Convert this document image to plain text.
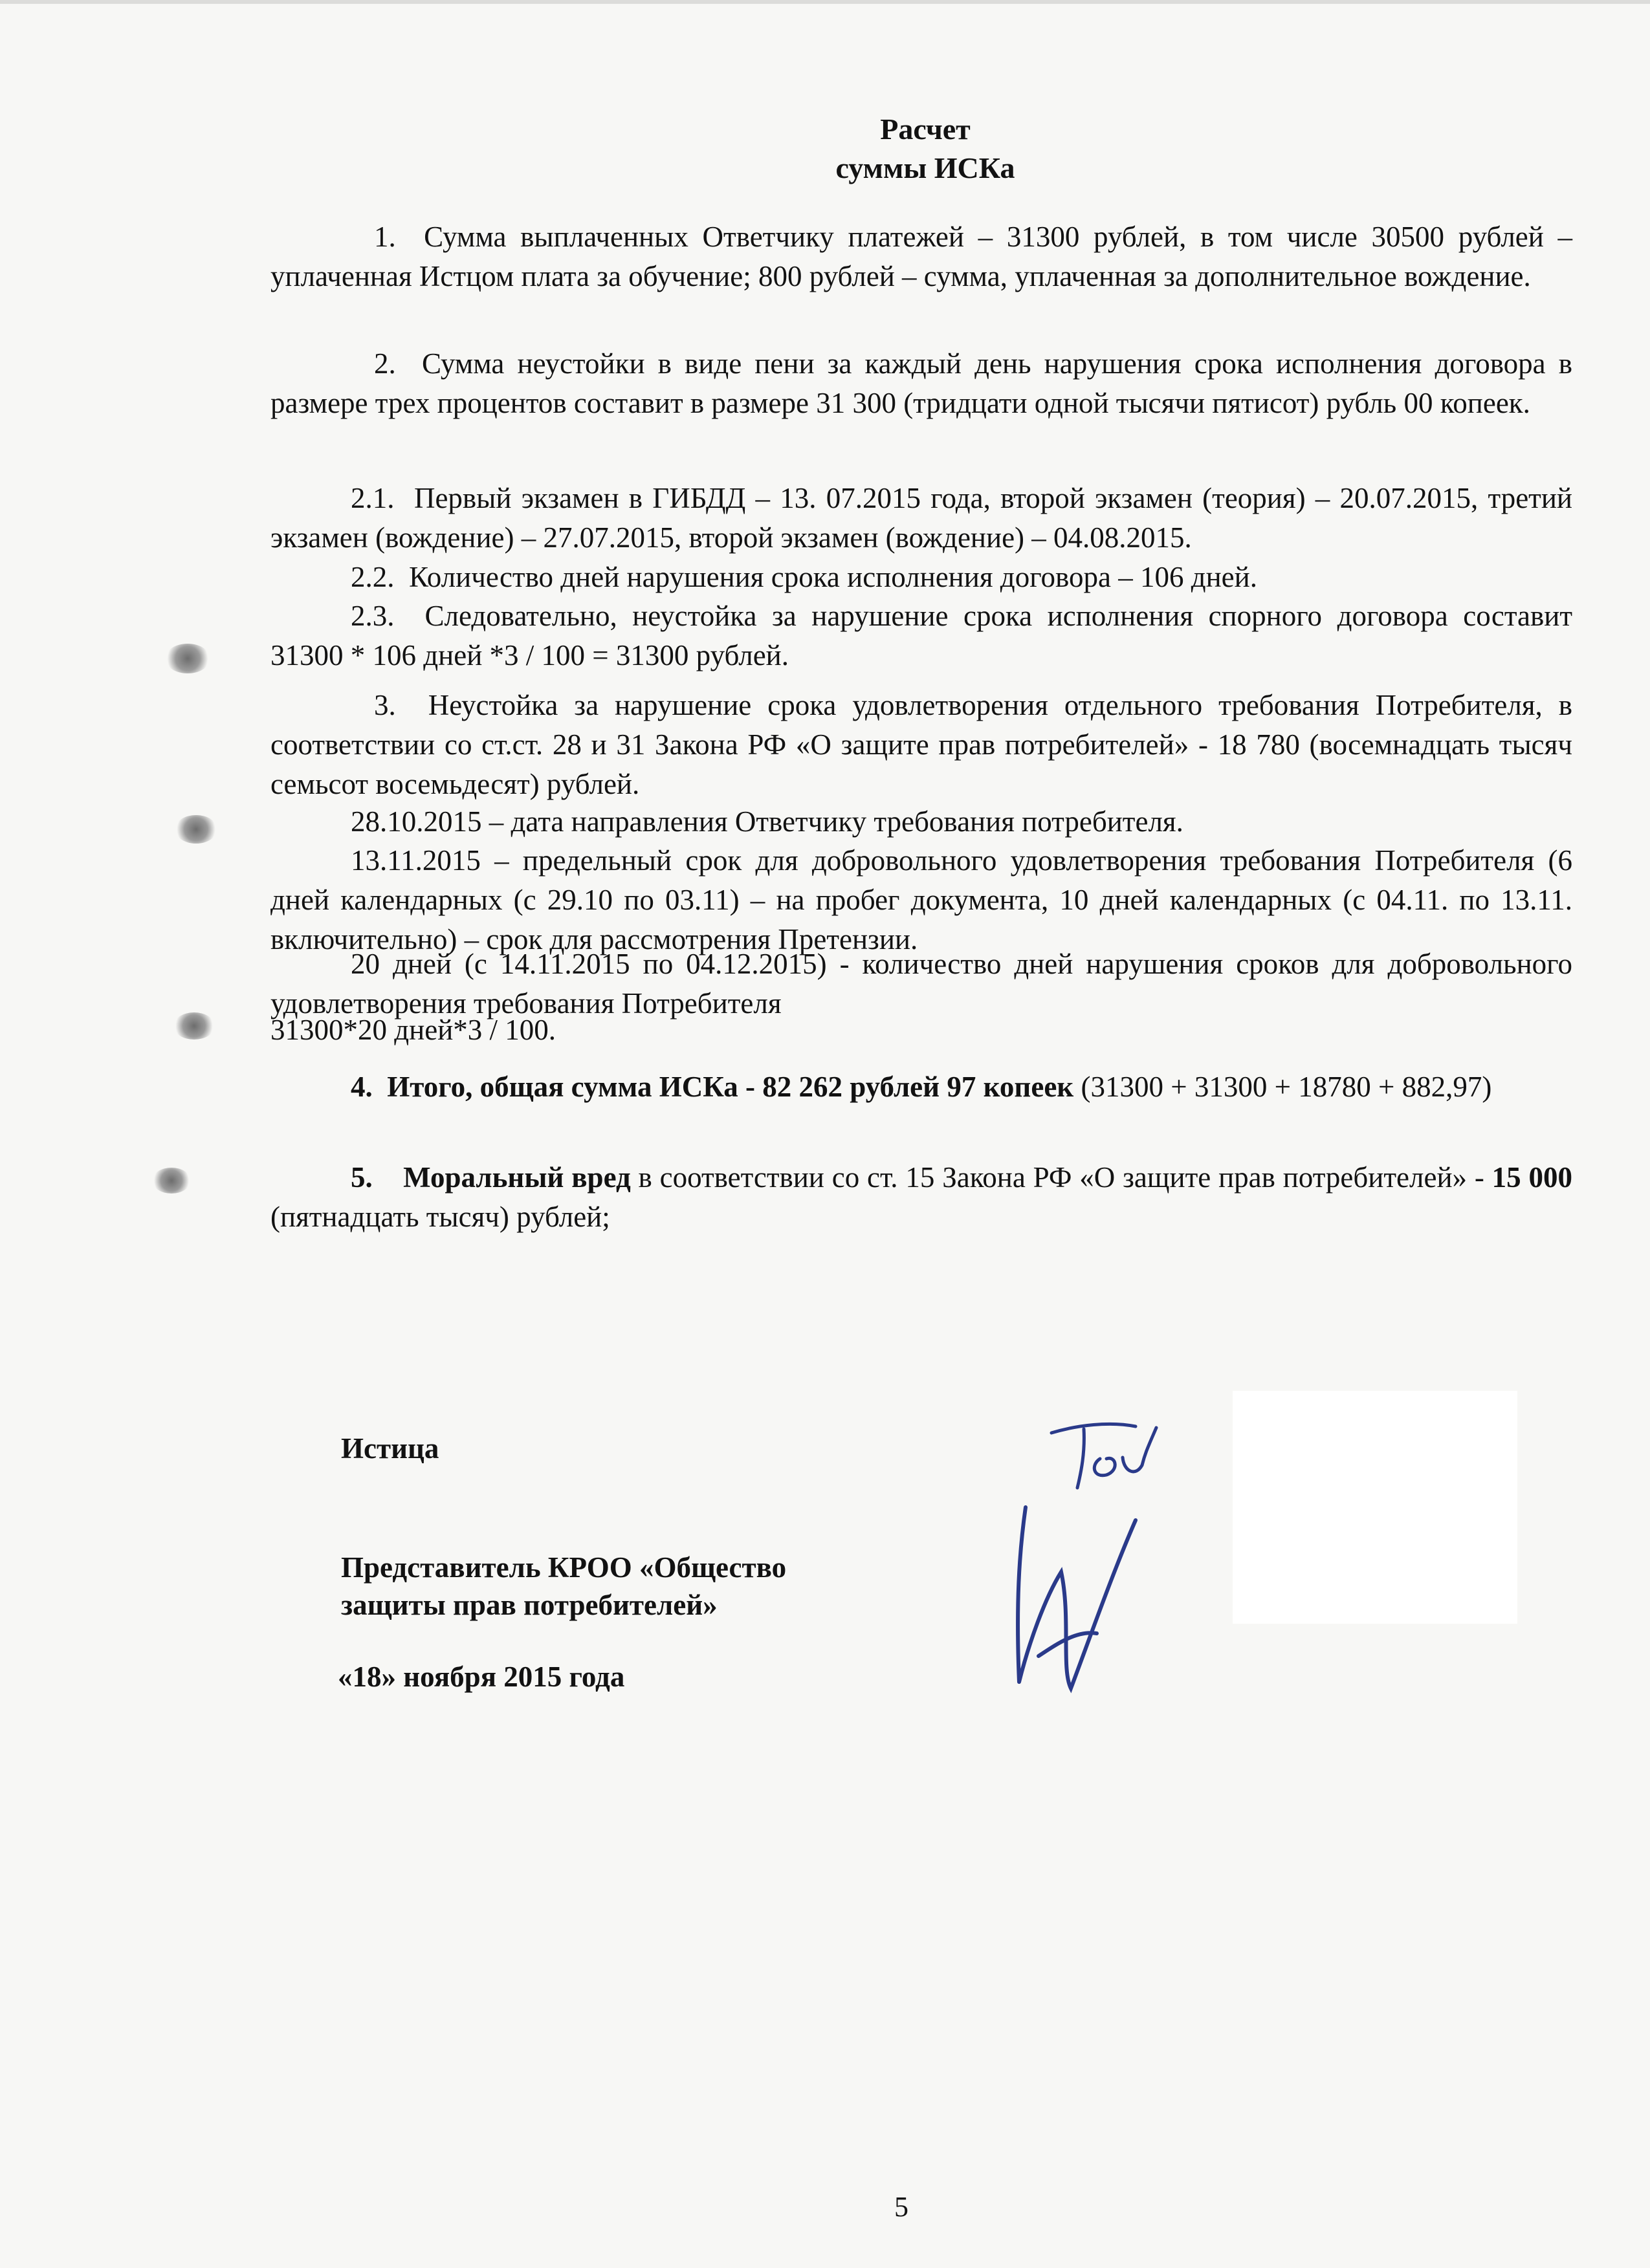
Расчет
суммы ИСКа
1. Сумма выплаченных Ответчику платежей – 31300 рублей, в том числе 30500 рублей – уплаченная Истцом плата за обучение; 800 рублей – сумма, уплаченная за дополнительное вождение.
2. Сумма неустойки в виде пени за каждый день нарушения срока исполнения договора в размере трех процентов составит в размере 31 300 (тридцати одной тысячи пятисот) рубль 00 копеек.
2.1. Первый экзамен в ГИБДД – 13. 07.2015 года, второй экзамен (теория) – 20.07.2015, третий экзамен (вождение) – 27.07.2015, второй экзамен (вождение) – 04.08.2015.
2.2. Количество дней нарушения срока исполнения договора – 106 дней.
2.3. Следовательно, неустойка за нарушение срока исполнения спорного договора составит 31300 * 106 дней *3 / 100 = 31300 рублей.
3. Неустойка за нарушение срока удовлетворения отдельного требования Потребителя, в соответствии со ст.ст. 28 и 31 Закона РФ «О защите прав потребителей» - 18 780 (восемнадцать тысяч семьсот восемьдесят) рублей.
28.10.2015 – дата направления Ответчику требования потребителя.
13.11.2015 – предельный срок для добровольного удовлетворения требования Потребителя (6 дней календарных (с 29.10 по 03.11) – на пробег документа, 10 дней календарных (с 04.11. по 13.11. включительно) – срок для рассмотрения Претензии.
20 дней (с 14.11.2015 по 04.12.2015) - количество дней нарушения сроков для добровольного удовлетворения требования Потребителя
31300*20 дней*3 / 100.
4. Итого, общая сумма ИСКа - 82 262 рублей 97 копеек (31300 + 31300 + 18780 + 882,97)
5. Моральный вред в соответствии со ст. 15 Закона РФ «О защите прав потребителей» - 15 000 (пятнадцать тысяч) рублей;
Истица
Представитель КРОО «Общество
защиты прав потребителей»
«18» ноября 2015 года
5
